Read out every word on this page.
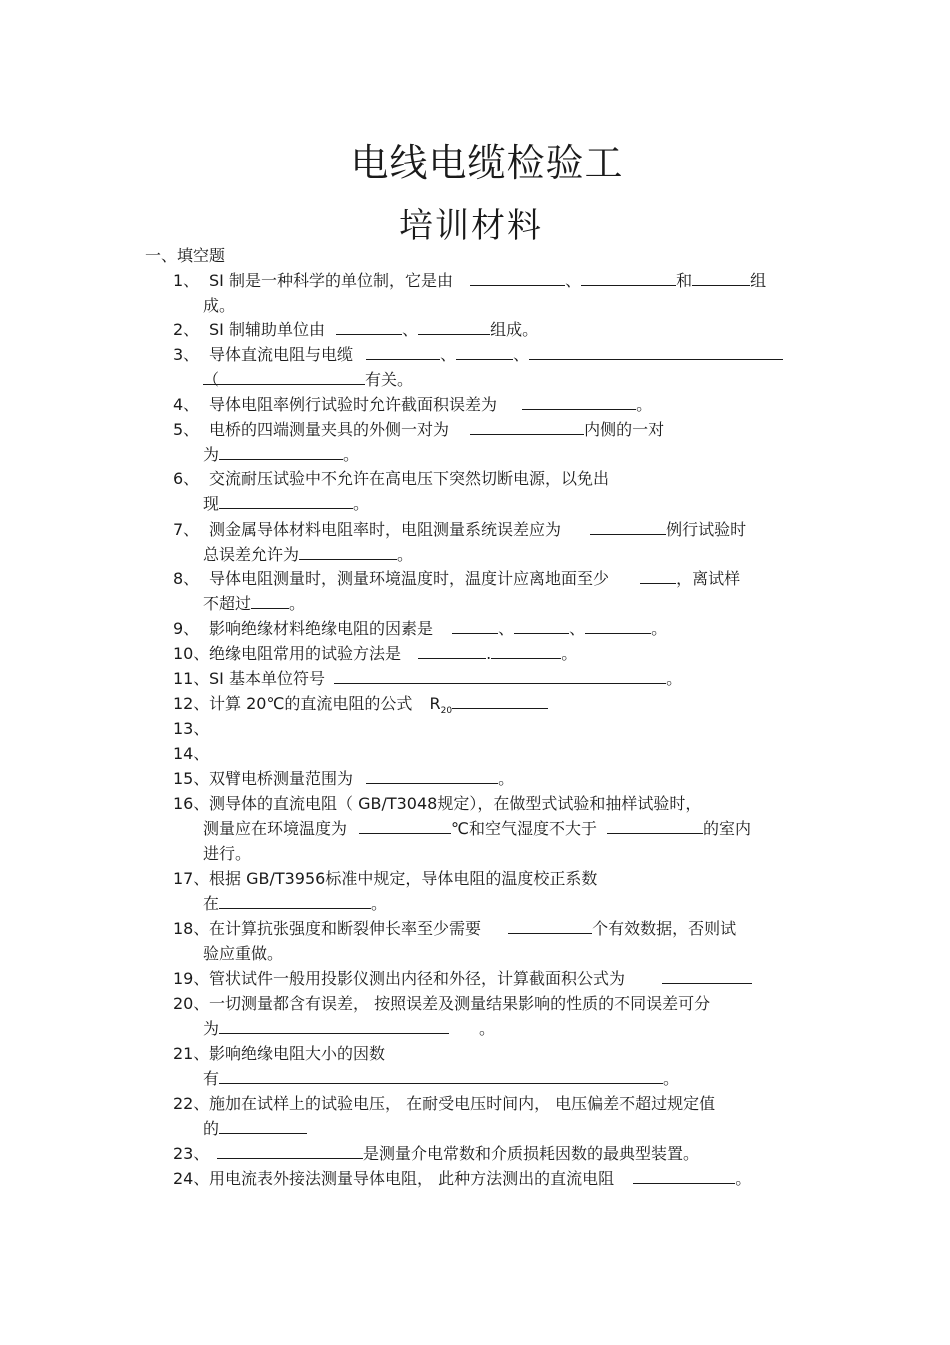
电线电缆检验工
培训材料
一、填空题
1、 SI 制是一种科学的单位制，它是由	、	和	组
成。
2、 SI 制辅助单位由	、	组成。
3、 导体直流电阻与电缆	、	、
（	有关。
4、 导体电阻率例行试验时允许截面积误差为	。
5、 电桥的四端测量夹具的外侧一对为	内侧的一对
为	。
6、 交流耐压试验中不允许在高电压下突然切断电源，以免出
现	。
7、 测金属导体材料电阻率时，电阻测量系统误差应为	例行试验时
总误差允许为	。
8、 导体电阻测量时，测量环境温度时，温度计应离地面至少	，离试样
不超过 。
9、 影响绝缘材料绝缘电阻的因素是	、	、	。
10、绝缘电阻常用的试验方法是	.	。
11、SI 基本单位符号	。
12、计算 20℃的直流电阻的公式 $R_{20}$
13、
14、
15、双臂电桥测量范围为	。
16、测导体的直流电阻（ GB/T3048规定），在做型式试验和抽样试验时，
测量应在环境温度为	℃和空气湿度不大于	的室内
进行。
17、根据 GB/T3956标准中规定，导体电阻的温度校正系数
在	。
18、在计算抗张强度和断裂伸长率至少需要	个有效数据，否则试
验应重做。
19、管状试件一般用投影仪测出内径和外径，计算截面积公式为
20、一切测量都含有误差， 按照误差及测量结果影响的性质的不同误差可分
为	。
21、影响绝缘电阻大小的因数
有	。
22、施加在试样上的试验电压， 在耐受电压时间内， 电压偏差不超过规定值
的
23、	是测量介电常数和介质损耗因数的最典型装置。
24、用电流表外接法测量导体电阻， 此种方法测出的直流电阻	。
